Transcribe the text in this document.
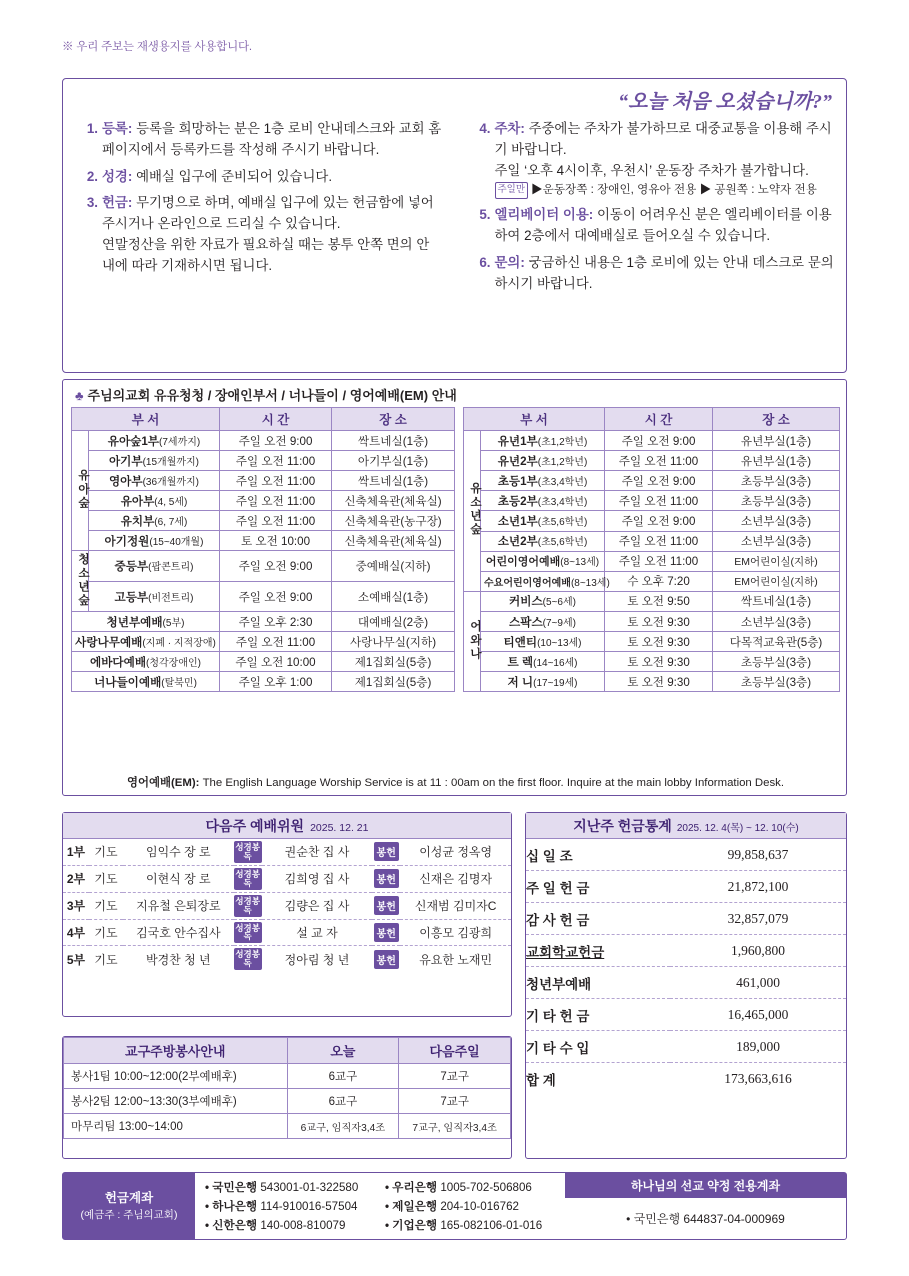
※ 우리 주보는 재생용지를 사용합니다.
“오늘 처음 오셨습니까?”
1. 등록: 등록을 희망하는 분은 1층 로비 안내데스크와 교회 홈페이지에서 등록카드를 작성해 주시기 바랍니다.
2. 성경: 예배실 입구에 준비되어 있습니다.
3. 헌금: 무기명으로 하며, 예배실 입구에 있는 헌금함에 넣어주시거나 온라인으로 드리실 수 있습니다.
연말정산을 위한 자료가 필요하실 때는 봉투 안쪽 면의 안내에 따라 기재하시면 됩니다.
4. 주차: 주중에는 주차가 불가하므로 대중교통을 이용해 주시기 바랍니다.
주일 ‘오후 4시이후, 우천시’ 운동장 주차가 불가합니다.
주일만 ▶운동장쪽 : 장애인, 영유아 전용 ▶ 공원쪽 : 노약자 전용
5. 엘리베이터 이용: 이동이 어려우신 분은 엘리베이터를 이용하여 2층에서 대예배실로 들어오실 수 있습니다.
6. 문의: 궁금하신 내용은 1층 로비에 있는 안내 데스크로 문의하시기 바랍니다.
♣ 주님의교회 유유청청 / 장애인부서 / 너나들이 / 영어예배(EM) 안내
부 서		시 간	장 소
유아숲	유아숲1부(7세까지)	주일 오전 9:00	싹트네실(1층)
	아기부(15개월까지)	주일 오전 11:00	아기부실(1층)
	영아부(36개월까지)	주일 오전 11:00	싹트네실(1층)
	유아부(4, 5세)	주일 오전 11:00	신축체육관(체육실)
	유치부(6, 7세)	주일 오전 11:00	신축체육관(농구장)
	아기정원(15~40개월)	토 오전 10:00	신축체육관(체육실)
청소년숲	중등부(팝콘트리)	주일 오전 9:00	중예배실(지하)
	고등부(비전트리)	주일 오전 9:00	소예배실(1층)
청년부예배(5부)		주일 오후 2:30	대예배실(2층)
사랑나무예배(지폐 · 지적장애)		주일 오전 11:00	사랑나무실(지하)
에바다예배(청각장애인)		주일 오전 10:00	제1집회실(5층)
너나들이예배(탈북민)		주일 오후 1:00	제1집회실(5층)
부 서		시 간	장 소
유소년숲	유년1부(초1,2학년)	주일 오전 9:00	유년부실(1층)
	유년2부(초1,2학년)	주일 오전 11:00	유년부실(1층)
	초등1부(초3,4학년)	주일 오전 9:00	초등부실(3층)
	초등2부(초3,4학년)	주일 오전 11:00	초등부실(3층)
	소년1부(초5,6학년)	주일 오전 9:00	소년부실(3층)
	소년2부(초5,6학년)	주일 오전 11:00	소년부실(3층)
	어린이영어예배(8~13세)	주일 오전 11:00	EM어린이실(지하)
	수요어린이영어예배(8~13세)	수 오후 7:20	EM어린이실(지하)
어와나	커비스(5~6세)	토 오전 9:50	싹트네실(1층)
	스팍스(7~9세)	토 오전 9:30	소년부실(3층)
	티앤티(10~13세)	토 오전 9:30	다목적교육관(5층)
	트 렉(14~16세)	토 오전 9:30	초등부실(3층)
	저 니(17~19세)	토 오전 9:30	초등부실(3층)
영어예배(EM): The English Language Worship Service is at 11 : 00am on the first floor. Inquire at the main lobby Information Desk.
다음주 예배위원 2025. 12. 21
1부	기도	임익수 장 로	성경봉독	권순찬 집 사	봉헌	이성균 정옥영
2부	기도	이현식 장 로	성경봉독	김희영 집 사	봉헌	신재은 김명자
3부	기도	지유철 은퇴장로	성경봉독	김량은 집 사	봉헌	신재범 김미자C
4부	기도	김국호 안수집사	성경봉독	설 교 자	봉헌	이흥모 김광희
5부	기도	박경찬 청 년	성경봉독	정아림 청 년	봉헌	유요한 노재민
교구주방봉사안내	오늘	다음주일
봉사1팀 10:00~12:00(2부예배후)	6교구	7교구
봉사2팀 12:00~13:30(3부예배후)	6교구	7교구
마무리팀 13:00~14:00	6교구, 임직자3,4조	7교구, 임직자3,4조
지난주 헌금통계 2025. 12. 4(목) ~ 12. 10(수)
십 일 조	99,858,637
주 일 헌 금	21,872,100
감 사 헌 금	32,857,079
교회학교헌금	1,960,800
청년부예배	461,000
기 타 헌 금	16,465,000
기 타 수 입	189,000
합 계	173,663,616
헌금계좌
(예금주 : 주님의교회)
• 국민은행 543001-01-322580	• 우리은행 1005-702-506806
• 하나은행 114-910016-57504	• 제일은행 204-10-016762
• 신한은행 140-008-810079	• 기업은행 165-082106-01-016
하나님의 선교 약정 전용계좌
• 국민은행 644837-04-000969
